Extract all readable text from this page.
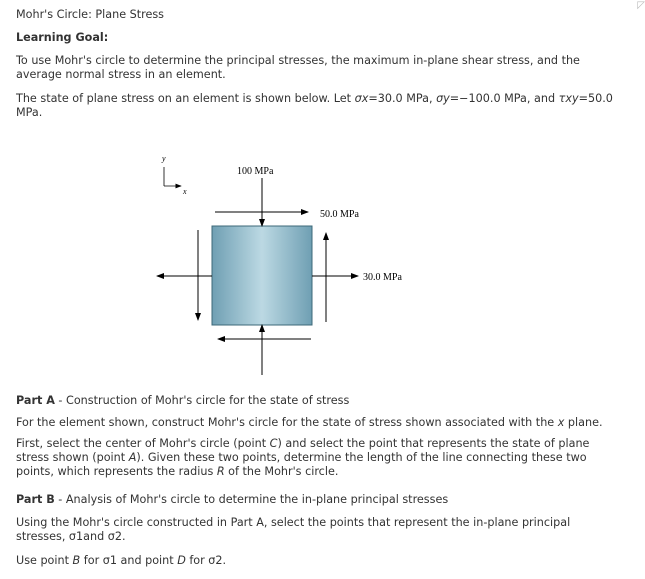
◸
Mohr's Circle: Plane Stress
Learning Goal:
To use Mohr's circle to determine the principal stresses, the maximum in-plane shear stress, and the average normal stress in an element.
The state of plane stress on an element is shown below. Let σx=30.0 MPa, σy=−100.0 MPa, and τxy=50.0 MPa.
y
x
100 MPa
50.0 MPa
30.0 MPa
Part A - Construction of Mohr's circle for the state of stress
For the element shown, construct Mohr's circle for the state of stress shown associated with the x plane.
First, select the center of Mohr's circle (point C) and select the point that represents the state of plane stress shown (point A). Given these two points, determine the length of the line connecting these two points, which represents the radius R of the Mohr's circle.
Part B - Analysis of Mohr's circle to determine the in-plane principal stresses
Using the Mohr's circle constructed in Part A, select the points that represent the in-plane principal stresses, σ1and σ2.
Use point B for σ1 and point D for σ2.
